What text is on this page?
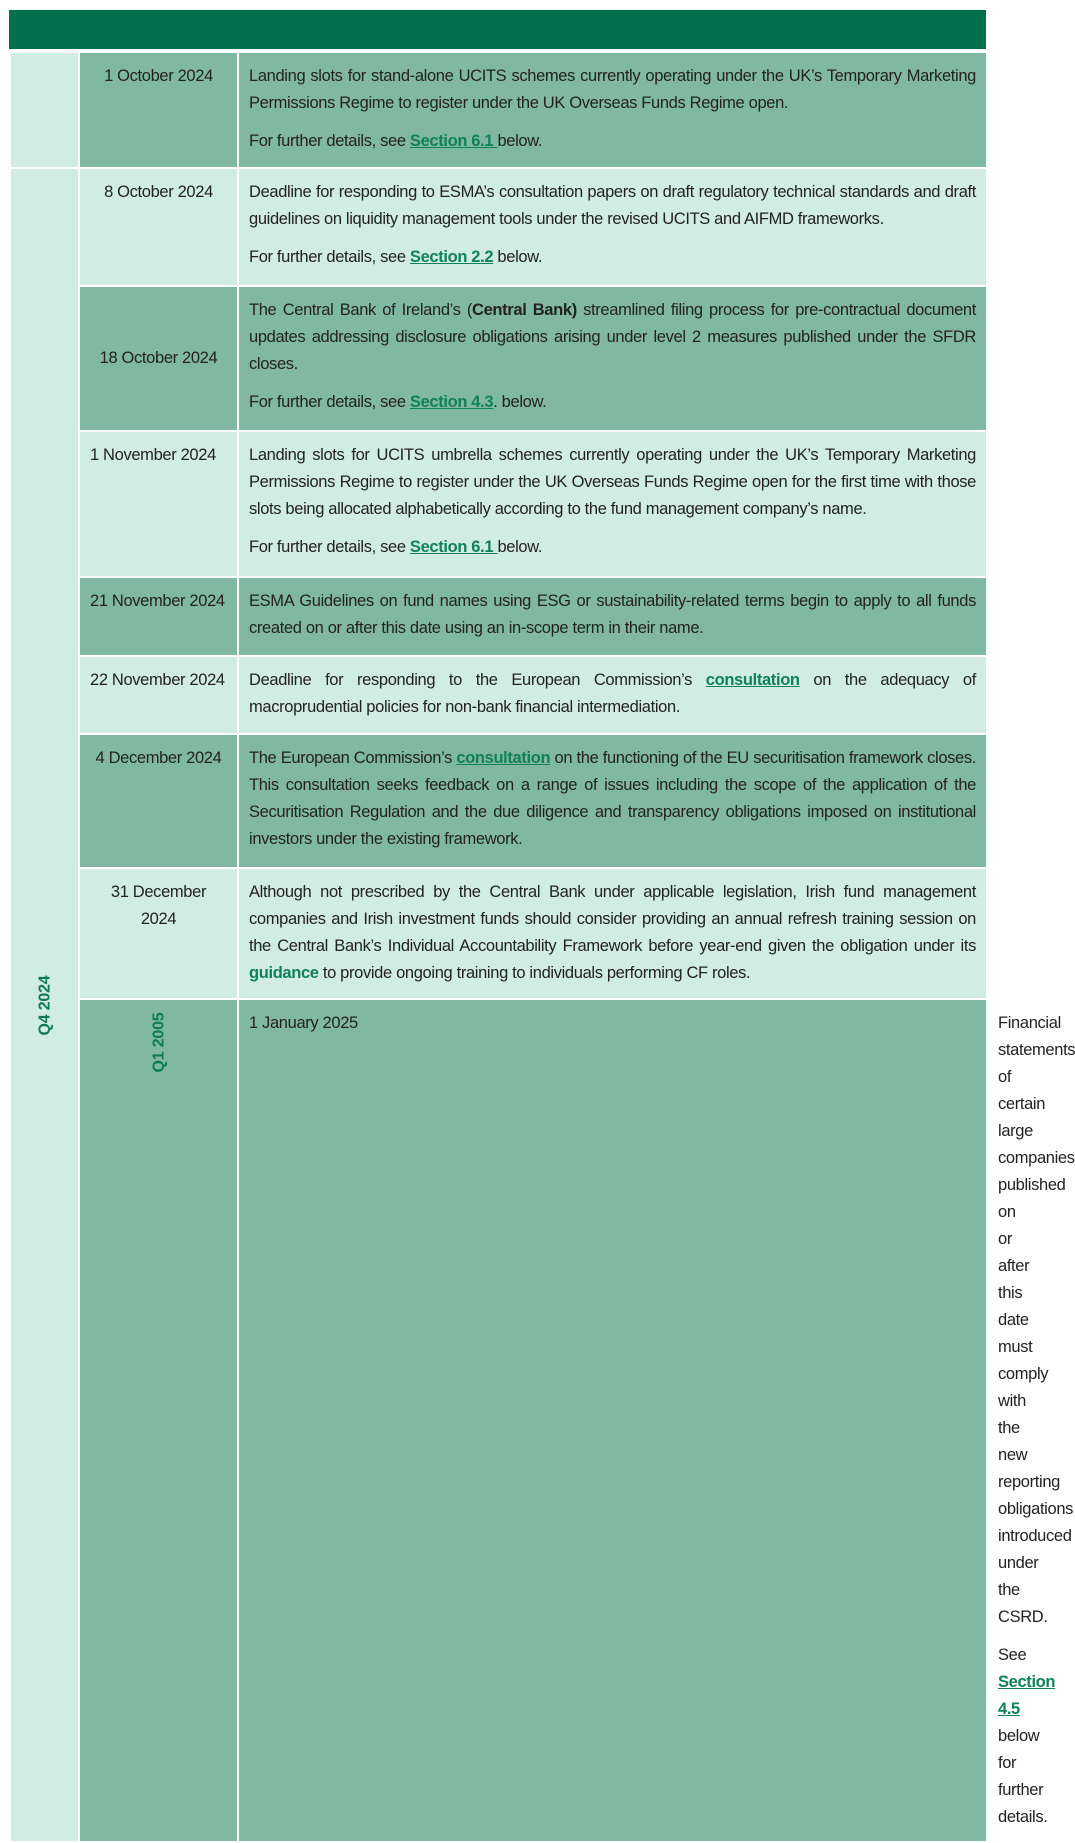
	1 October 2024	Landing slots for stand-alone UCITS schemes currently operating under the UK’s Temporary Marketing Permissions Regime to register under the UK Overseas Funds Regime open.

For further details, see Section 6.1 below.	

Q4 2024	8 October 2024	Deadline for responding to ESMA’s consultation papers on draft regulatory technical standards and draft guidelines on liquidity management tools under the revised UCITS and AIFMD frameworks.

For further details, see Section 2.2 below.	

	18 October 2024	The Central Bank of Ireland’s (Central Bank) streamlined filing process for pre-contractual document updates addressing disclosure obligations arising under level 2 measures published under the SFDR closes.

For further details, see Section 4.3. below.	

	1 November 2024	Landing slots for UCITS umbrella schemes currently operating under the UK’s Temporary Marketing Permissions Regime to register under the UK Overseas Funds Regime open for the first time with those slots being allocated alphabetically according to the fund management company’s name.

For further details, see Section 6.1 below.	

	21 November 2024	ESMA Guidelines on fund names using ESG or sustainability-related terms begin to apply to all funds created on or after this date using an in-scope term in their name.	

	22 November 2024	Deadline for responding to the European Commission’s consultation on the adequacy of macroprudential policies for non-bank financial intermediation.	

	4 December 2024	The European Commission’s consultation on the functioning of the EU securitisation framework closes. This consultation seeks feedback on a range of issues including the scope of the application of the Securitisation Regulation and the due diligence and transparency obligations imposed on institutional investors under the existing framework.	

	31 December 2024	Although not prescribed by the Central Bank under applicable legislation, Irish fund management companies and Irish investment funds should consider providing an annual refresh training session on the Central Bank’s Individual Accountability Framework before year-end given the obligation under its guidance to provide ongoing training to individuals performing CF roles.	

	Q1 2005	1 January 2025	Financial statements of certain large companies published on or after this date must comply with the new reporting obligations introduced under the CSRD.

See Section 4.5 below for further details.
